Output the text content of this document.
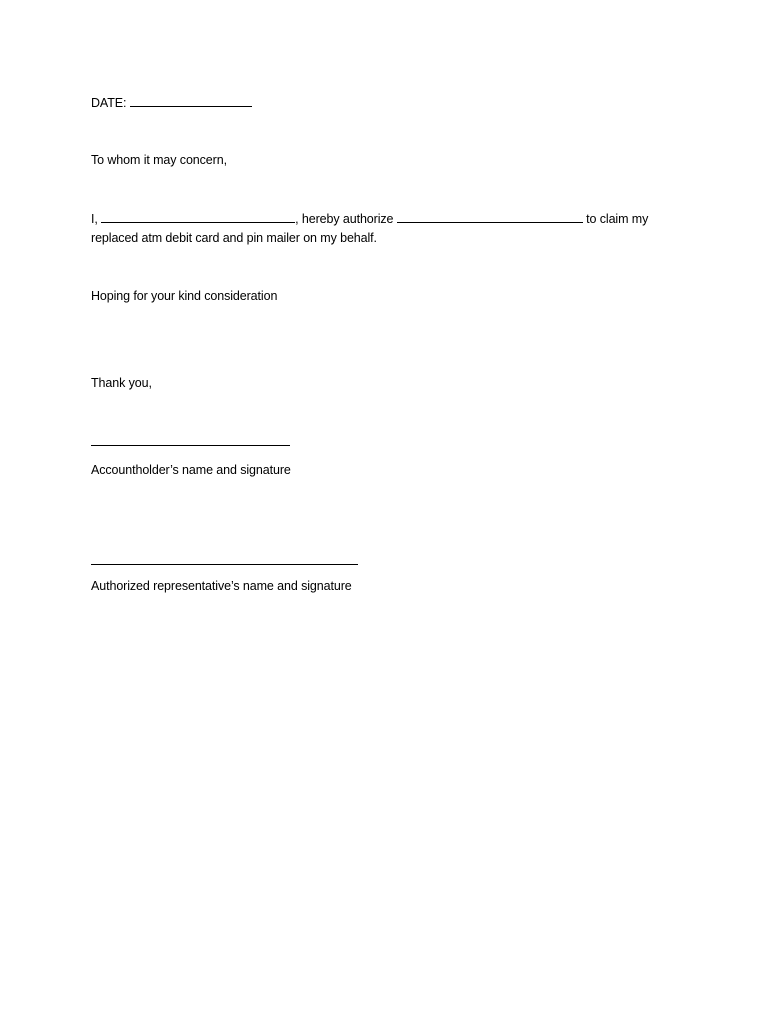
DATE:
To whom it may concern,
I,	, hereby authorize	to claim my
replaced atm debit card and pin mailer on my behalf.
Hoping for your kind consideration
Thank you,
Accountholder’s name and signature
Authorized representative’s name and signature
